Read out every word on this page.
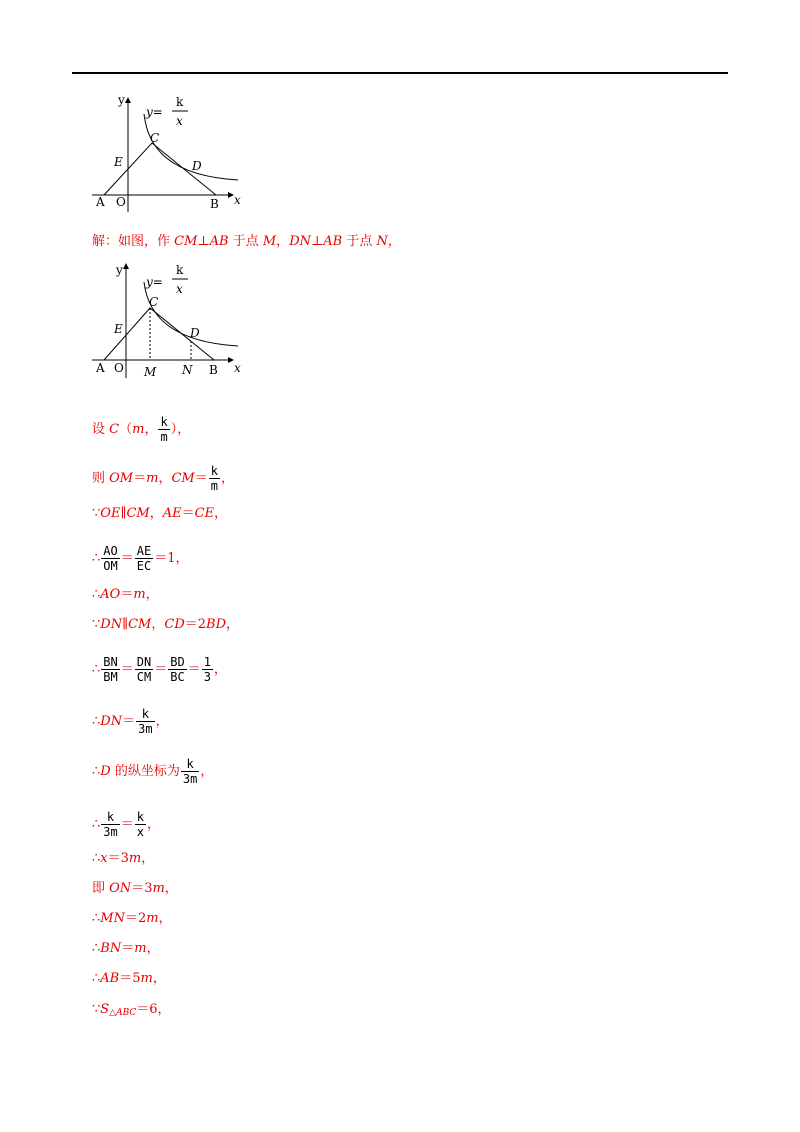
y
x
A O	B
C
D
E
y=
k
x
解：如图，作 CM⊥AB 于点 M，DN⊥AB 于点 N，
y
x
A O	B
C
D
E
M N
y=
k
x
设 C（m， $\frac{k}{m}$ ），
则 OM＝m，$CM= \frac{k}{m}$ ，
∵OE∥CM，AE＝CE，
∴ $\frac{AO}{OM} = \frac{AE}{EC} =1$，
∴AO＝m，
∵DN∥CM，CD＝2BD，
∴ $\frac{BN}{BM} = \frac{DN}{CM} = \frac{BD}{BC} = \frac{1}{3}$ ，
∴DN＝ $\frac{k}{3m}$ ，
∴D 的纵坐标为 $\frac{k}{3m}$ ，
∴ $\frac{k}{3m} = \frac{k}{x}$ ，
∴x＝3m，
即 ON＝3m，
∴MN＝2m，
∴BN＝m，
∴AB＝5m，
$\because S_{\triangle ABC}=6$，
